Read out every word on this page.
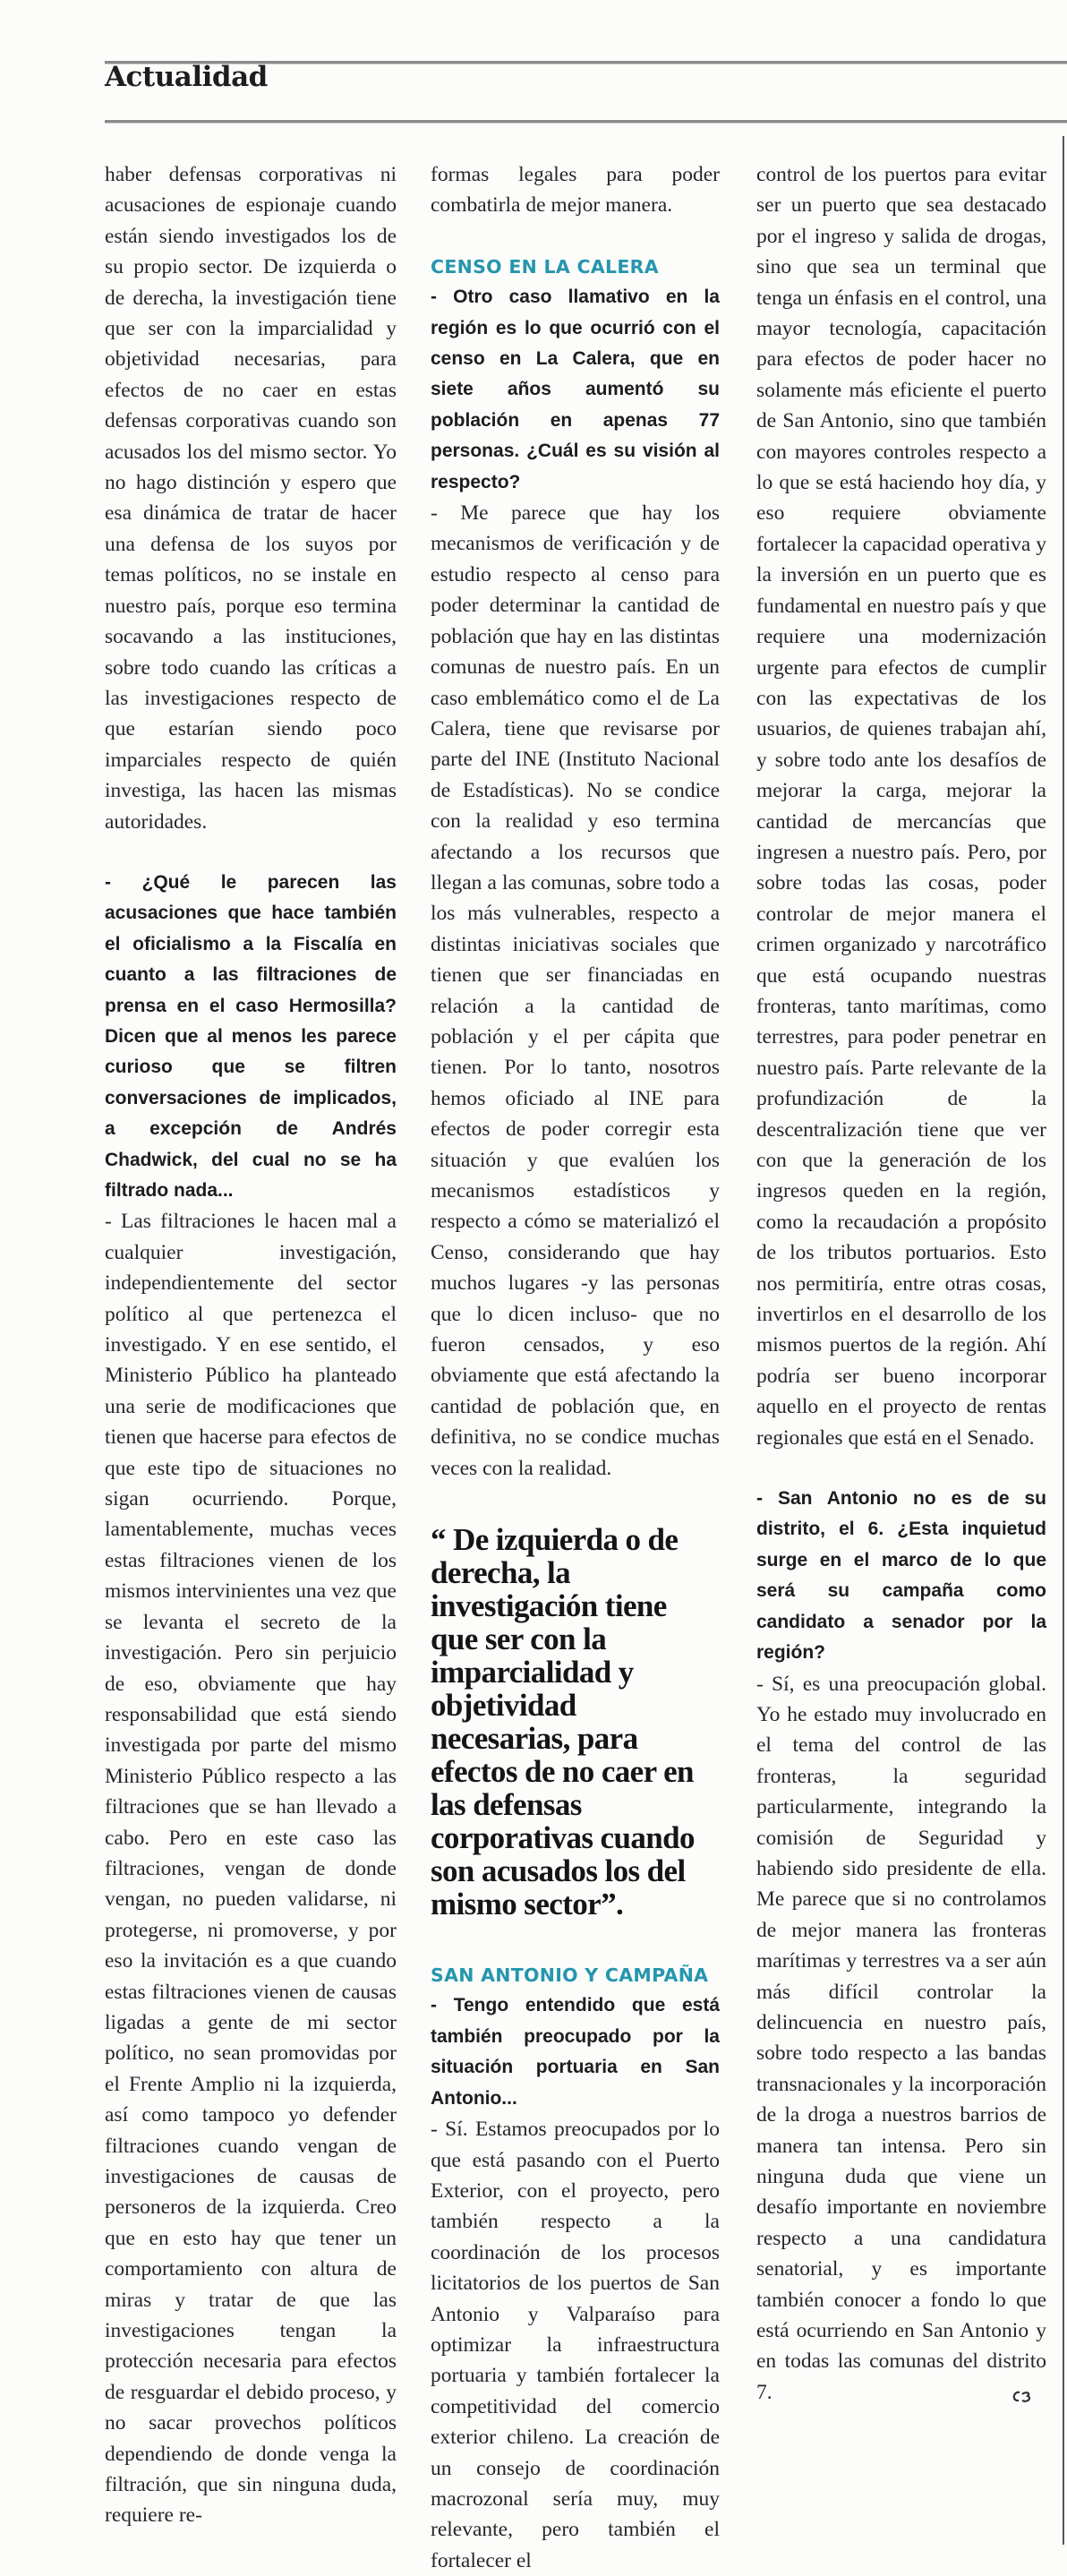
Actualidad

haber defensas corporativas ni acusaciones de espionaje cuando están siendo investigados los de su propio sector. De izquierda o de derecha, la investigación tiene que ser con la imparcialidad y objetividad necesarias, para efectos de no caer en estas defensas corporativas cuando son acusados los del mismo sector. Yo no hago distinción y espero que esa dinámica de tratar de hacer una defensa de los suyos por temas políticos, no se instale en nuestro país, porque eso termina socavando a las instituciones, sobre todo cuando las críticas a las investigaciones respecto de que estarían siendo poco imparciales respecto de quién investiga, las hacen las mismas autoridades.

- ¿Qué le parecen las acusaciones que hace también el oficialismo a la Fiscalía en cuanto a las filtraciones de prensa en el caso Hermosilla? Dicen que al menos les parece curioso que se filtren conversaciones de implicados, a excepción de Andrés Chadwick, del cual no se ha filtrado nada...

- Las filtraciones le hacen mal a cualquier investigación, independientemente del sector político al que pertenezca el investigado. Y en ese sentido, el Ministerio Público ha planteado una serie de modificaciones que tienen que hacerse para efectos de que este tipo de situaciones no sigan ocurriendo. Porque, lamentablemente, muchas veces estas filtraciones vienen de los mismos intervinientes una vez que se levanta el secreto de la investigación. Pero sin perjuicio de eso, obviamente que hay responsabilidad que está siendo investigada por parte del mismo Ministerio Público respecto a las filtraciones que se han llevado a cabo. Pero en este caso las filtraciones, vengan de donde vengan, no pueden validarse, ni protegerse, ni promoverse, y por eso la invitación es a que cuando estas filtraciones vienen de causas ligadas a gente de mi sector político, no sean promovidas por el Frente Amplio ni la izquierda, así como tampoco yo defender filtraciones cuando vengan de investigaciones de causas de personeros de la izquierda. Creo que en esto hay que tener un comportamiento con altura de miras y tratar de que las investigaciones tengan la protección necesaria para efectos de resguardar el debido proceso, y no sacar provechos políticos dependiendo de donde venga la filtración, que sin ninguna duda, requiere re-

formas legales para poder combatirla de mejor manera.

CENSO EN LA CALERA

- Otro caso llamativo en la región es lo que ocurrió con el censo en La Calera, que en siete años aumentó su población en apenas 77 personas. ¿Cuál es su visión al respecto?

- Me parece que hay los mecanismos de verificación y de estudio respecto al censo para poder determinar la cantidad de población que hay en las distintas comunas de nuestro país. En un caso emblemático como el de La Calera, tiene que revisarse por parte del INE (Instituto Nacional de Estadísticas). No se condice con la realidad y eso termina afectando a los recursos que llegan a las comunas, sobre todo a los más vulnerables, respecto a distintas iniciativas sociales que tienen que ser financiadas en relación a la cantidad de población y el per cápita que tienen. Por lo tanto, nosotros hemos oficiado al INE para efectos de poder corregir esta situación y que evalúen los mecanismos estadísticos y respecto a cómo se materializó el Censo, considerando que hay muchos lugares -y las personas que lo dicen incluso- que no fueron censados, y eso obviamente que está afectando la cantidad de población que, en definitiva, no se condice muchas veces con la realidad.

“ De izquierda o de derecha, la investigación tiene que ser con la imparcialidad y objetividad necesarias, para efectos de no caer en las defensas corporativas cuando son acusados los del mismo sector”.

SAN ANTONIO Y CAMPAÑA

- Tengo entendido que está también preocupado por la situación portuaria en San Antonio...

- Sí. Estamos preocupados por lo que está pasando con el Puerto Exterior, con el proyecto, pero también respecto a la coordinación de los procesos licitatorios de los puertos de San Antonio y Valparaíso para optimizar la infraestructura portuaria y también fortalecer la competitividad del comercio exterior chileno. La creación de un consejo de coordinación macrozonal sería muy, muy relevante, pero también el fortalecer el

control de los puertos para evitar ser un puerto que sea destacado por el ingreso y salida de drogas, sino que sea un terminal que tenga un énfasis en el control, una mayor tecnología, capacitación para efectos de poder hacer no solamente más eficiente el puerto de San Antonio, sino que también con mayores controles respecto a lo que se está haciendo hoy día, y eso requiere obviamente fortalecer la capacidad operativa y la inversión en un puerto que es fundamental en nuestro país y que requiere una modernización urgente para efectos de cumplir con las expectativas de los usuarios, de quienes trabajan ahí, y sobre todo ante los desafíos de mejorar la carga, mejorar la cantidad de mercancías que ingresen a nuestro país. Pero, por sobre todas las cosas, poder controlar de mejor manera el crimen organizado y narcotráfico que está ocupando nuestras fronteras, tanto marítimas, como terrestres, para poder penetrar en nuestro país. Parte relevante de la profundización de la descentralización tiene que ver con que la generación de los ingresos queden en la región, como la recaudación a propósito de los tributos portuarios. Esto nos permitiría, entre otras cosas, invertirlos en el desarrollo de los mismos puertos de la región. Ahí podría ser bueno incorporar aquello en el proyecto de rentas regionales que está en el Senado.

- San Antonio no es de su distrito, el 6. ¿Esta inquietud surge en el marco de lo que será su campaña como candidato a senador por la región?

- Sí, es una preocupación global. Yo he estado muy involucrado en el tema del control de las fronteras, la seguridad particularmente, integrando la comisión de Seguridad y habiendo sido presidente de ella. Me parece que si no controlamos de mejor manera las fronteras marítimas y terrestres va a ser aún más difícil controlar la delincuencia en nuestro país, sobre todo respecto a las bandas transnacionales y la incorporación de la droga a nuestros barrios de manera tan intensa. Pero sin ninguna duda que viene un desafío importante en noviembre respecto a una candidatura senatorial, y es importante también conocer a fondo lo que está ocurriendo en San Antonio y en todas las comunas del distrito 7.
